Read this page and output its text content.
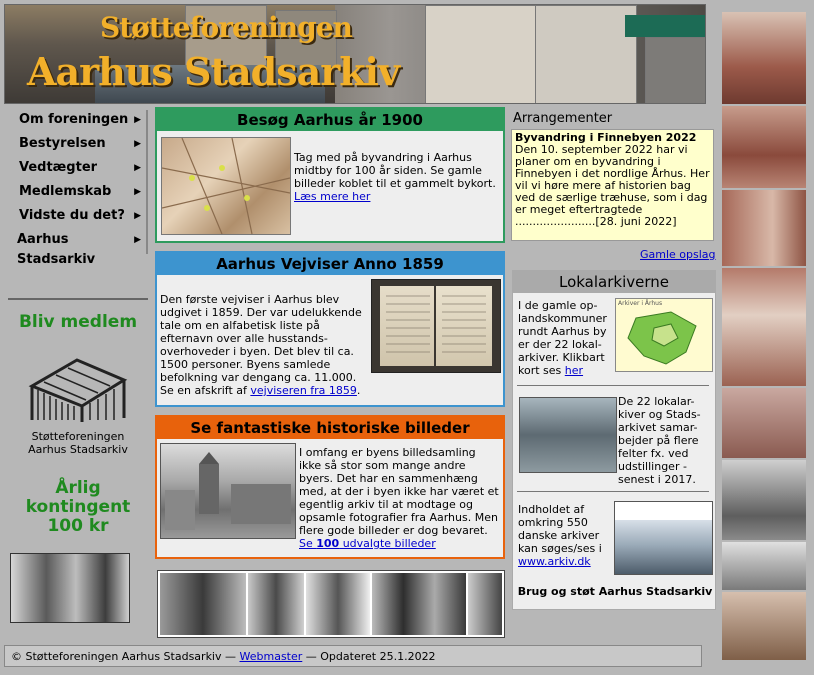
Støtteforeningen
Aarhus Stadsarkiv
Om foreningen ▶
Bestyrelsen	▶
Vedtægter	▶
Medlemskab	▶
Vidste du det? ▶
Aarhus Stadsarkiv
▶
Bliv medlem
Støtteforeningen
Aarhus Stadsarkiv
Årlig
kontingent
100 kr
Besøg Aarhus år 1900
Tag med på byvandring i Aarhus midtby for 100 år siden. Se gamle billeder koblet til et gammelt bykort.
Læs mere her
Aarhus Vejviser Anno 1859
Den første vejviser i Aarhus blev udgivet i 1859. Der var udelukkende tale om en alfabetisk liste på efternavn over alle husstands-overhoveder i byen. Det blev til ca. 1500 personer. Byens samlede befolkning var dengang ca. 11.000. Se en afskrift af vejviseren fra 1859.
Se fantastiske historiske billeder
I omfang er byens billedsamling ikke så stor som mange andre byers. Det har en sammenhæng med, at der i byen ikke har været et egentlig arkiv til at modtage og opsamle fotografier fra Aarhus. Men flere gode billeder er dog bevaret.
Se 100 udvalgte billeder
Arrangementer
Byvandring i Finnebyen 2022
Den 10. september 2022 har vi planer om en byvandring i Finnebyen i det nordlige Århus. Her vil vi høre mere af historien bag ved de særlige træhuse, som i dag er meget eftertragtede .......................[28. juni 2022]
Gamle opslag
Lokalarkiverne
I de gamle op-landskommuner rundt Aarhus by er der 22 lokal-arkiver. Klikbart kort ses her
Arkiver i Århus
De 22 lokalar-kiver og Stads-arkivet samar-bejder på flere felter fx. ved udstillinger - senest i 2017.
Indholdet af omkring 550 danske arkiver kan søges/ses i www.arkiv.dk
Brug og støt Aarhus Stadsarkiv
© Støtteforeningen Aarhus Stadsarkiv — Webmaster — Opdateret 25.1.2022
